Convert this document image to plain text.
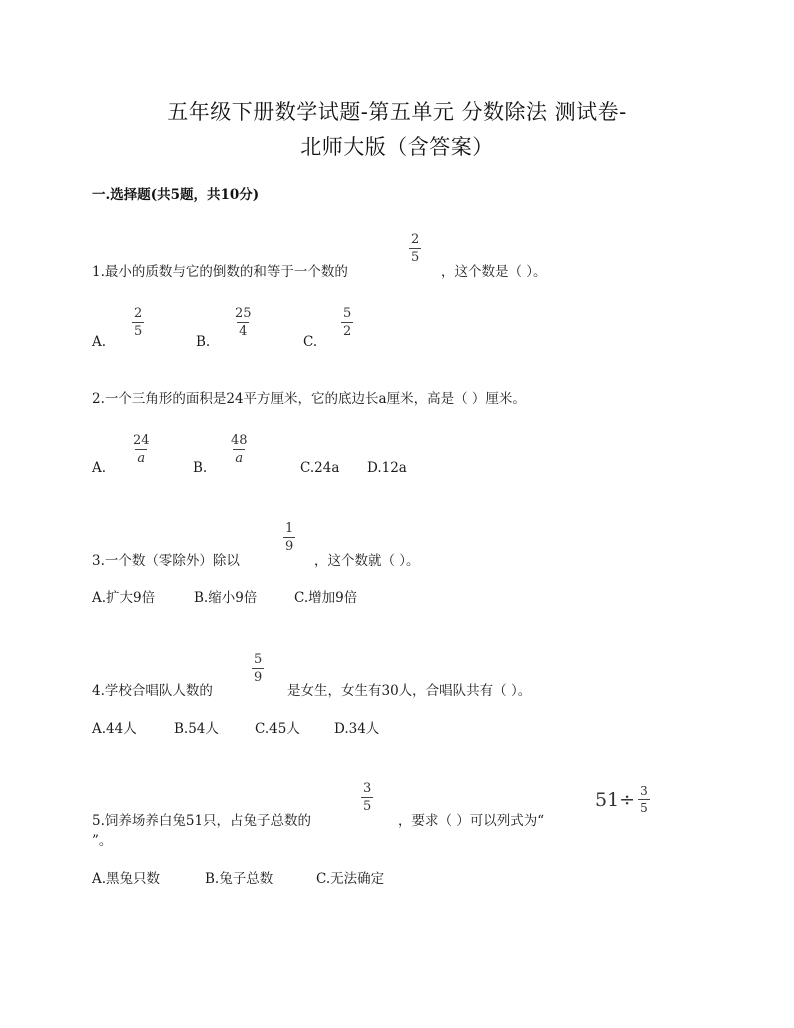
五年级下册数学试题-第五单元 分数除法 测试卷-
北师大版（含答案）
一.选择题(共5题，共10分)
1.最小的质数与它的倒数的和等于一个数的
$\frac{2}{5}$
，这个数是（ ）。
A.
$\frac{2}{5}$
B.
$\frac{25}{4}$
C.
$\frac{5}{2}$
2.一个三角形的面积是24平方厘米，它的底边长a厘米，高是（ ）厘米。
A.
$\frac{24}{a}$
B.
$\frac{48}{a}$
C.24a D.12a
3.一个数（零除外）除以
$\frac{1}{9}$
，这个数就（ ）。
A.扩大9倍	B.缩小9倍	C.增加9倍
4.学校合唱队人数的
$\frac{5}{9}$
是女生，女生有30人，合唱队共有（ ）。
A.44人	B.54人	C.45人	D.34人
5.饲养场养白兔51只，占兔子总数的
$\frac{3}{5}$
，要求（ ）可以列式为“
$51\div \frac{3}{5}$
”。
A.黑兔只数	B.兔子总数	C.无法确定
